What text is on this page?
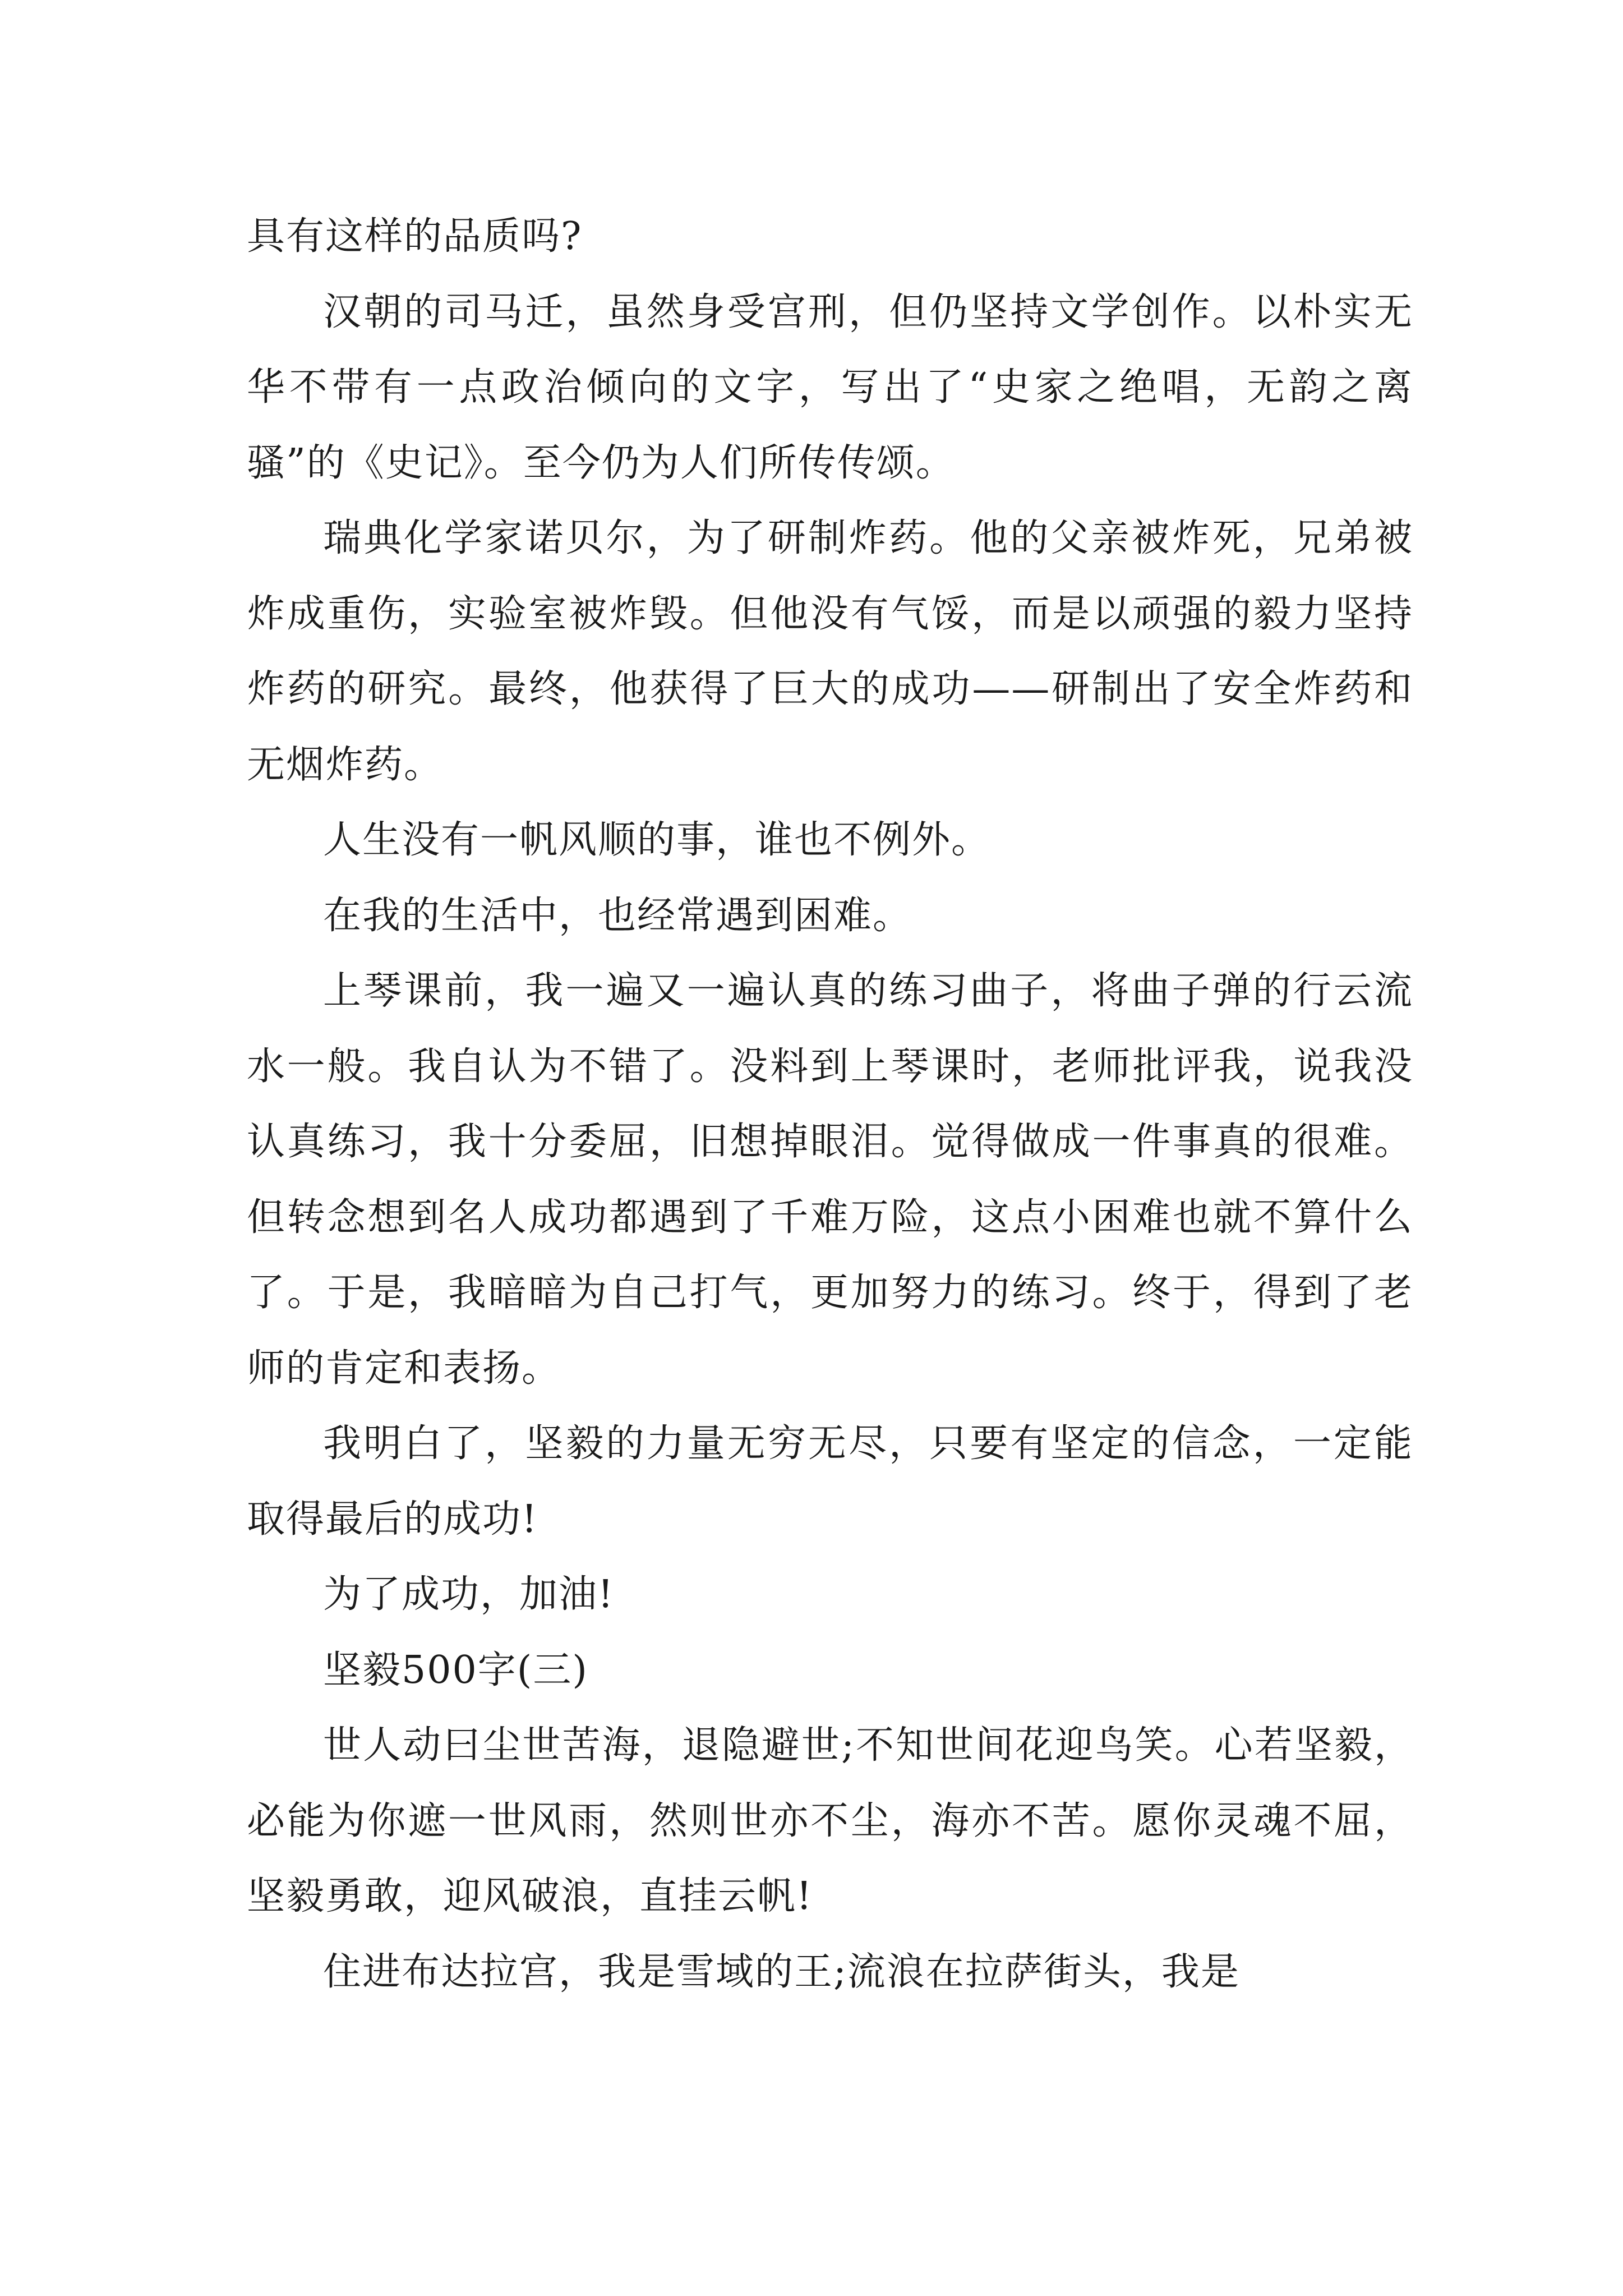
具有这样的品质吗?

汉朝的司马迁，虽然身受宫刑，但仍坚持文学创作。以朴实无华不带有一点政治倾向的文字，写出了“史家之绝唱，无韵之离骚”的《史记》。至今仍为人们所传传颂。

瑞典化学家诺贝尔，为了研制炸药。他的父亲被炸死，兄弟被炸成重伤，实验室被炸毁。但他没有气馁，而是以顽强的毅力坚持炸药的研究。最终，他获得了巨大的成功——研制出了安全炸药和无烟炸药。

人生没有一帆风顺的事，谁也不例外。

在我的生活中，也经常遇到困难。

上琴课前，我一遍又一遍认真的练习曲子，将曲子弹的行云流水一般。我自认为不错了。没料到上琴课时，老师批评我，说我没认真练习，我十分委屈，旧想掉眼泪。觉得做成一件事真的很难。但转念想到名人成功都遇到了千难万险，这点小困难也就不算什么了。于是，我暗暗为自己打气，更加努力的练习。终于，得到了老师的肯定和表扬。

我明白了，坚毅的力量无穷无尽，只要有坚定的信念，一定能取得最后的成功!

为了成功，加油!

坚毅500字(三)

世人动曰尘世苦海，退隐避世;不知世间花迎鸟笑。心若坚毅，必能为你遮一世风雨，然则世亦不尘，海亦不苦。愿你灵魂不屈，坚毅勇敢，迎风破浪，直挂云帆!

住进布达拉宫，我是雪域的王;流浪在拉萨街头，我是
